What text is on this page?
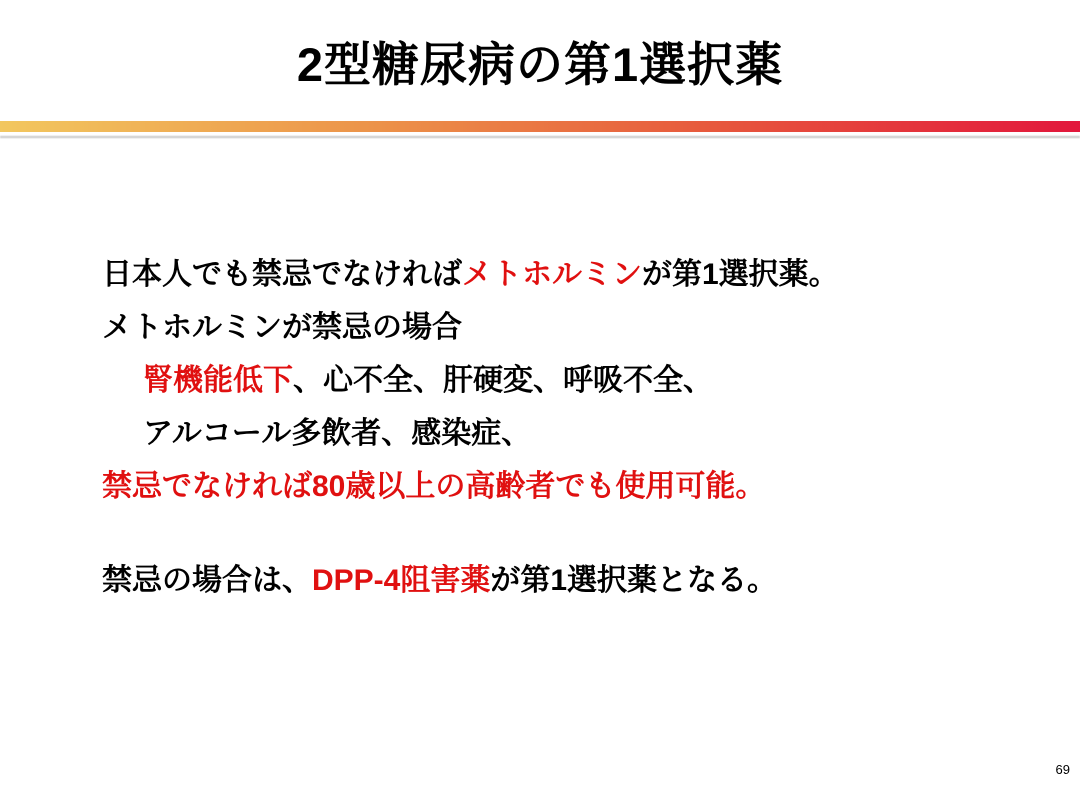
2型糖尿病の第1選択薬
日本人でも禁忌でなければメトホルミンが第1選択薬。
メトホルミンが禁忌の場合
腎機能低下、心不全、肝硬変、呼吸不全、
アルコール多飲者、感染症、
禁忌でなければ80歳以上の高齢者でも使用可能。
禁忌の場合は、DPP-4阻害薬が第1選択薬となる。
69
